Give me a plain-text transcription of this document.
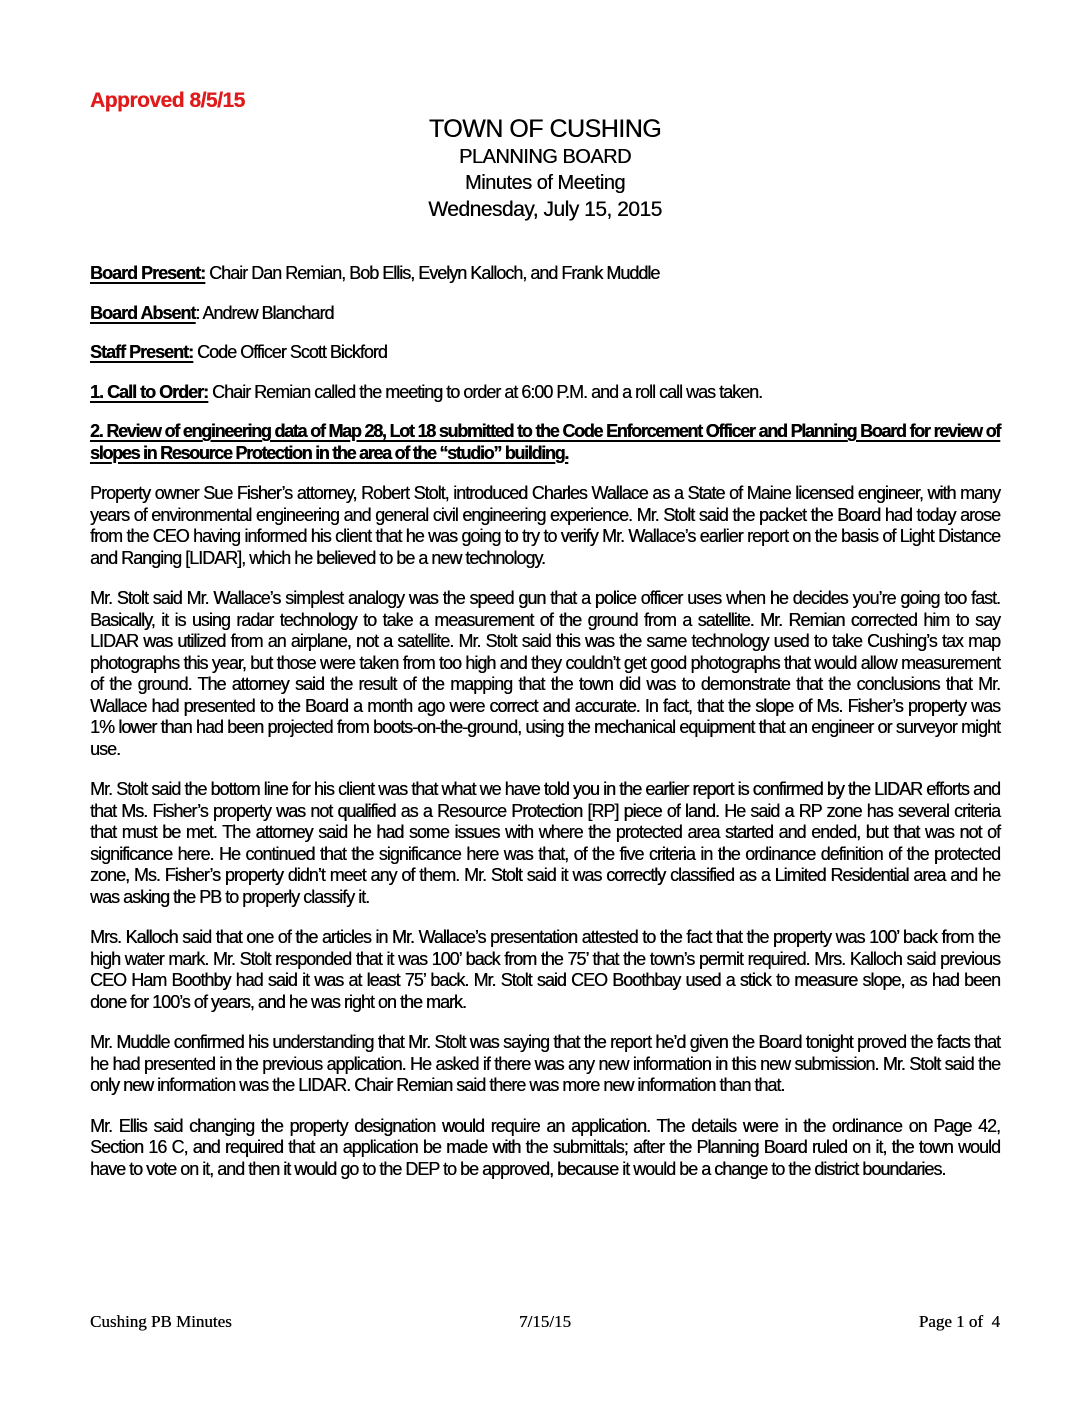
Approved 8/5/15
TOWN OF CUSHING
PLANNING BOARD
Minutes of Meeting
Wednesday, July 15, 2015

Board Present: Chair Dan Remian, Bob Ellis, Evelyn Kalloch, and Frank Muddle

Board Absent: Andrew Blanchard

Staff Present: Code Officer Scott Bickford

1. Call to Order: Chair Remian called the meeting to order at 6:00 P.M. and a roll call was taken.

2. Review of engineering data of Map 28, Lot 18 submitted to the Code Enforcement Officer and Planning Board for review of slopes in Resource Protection in the area of the “studio” building.

Property owner Sue Fisher’s attorney, Robert Stolt, introduced Charles Wallace as a State of Maine licensed engineer, with many years of environmental engineering and general civil engineering experience. Mr. Stolt said the packet the Board had today arose from the CEO having informed his client that he was going to try to verify Mr. Wallace’s earlier report on the basis of Light Distance and Ranging [LIDAR], which he believed to be a new technology.

Mr. Stolt said Mr. Wallace’s simplest analogy was the speed gun that a police officer uses when he decides you’re going too fast. Basically, it is using radar technology to take a measurement of the ground from a satellite. Mr. Remian corrected him to say LIDAR was utilized from an airplane, not a satellite. Mr. Stolt said this was the same technology used to take Cushing’s tax map photographs this year, but those were taken from too high and they couldn’t get good photographs that would allow measurement of the ground. The attorney said the result of the mapping that the town did was to demonstrate that the conclusions that Mr. Wallace had presented to the Board a month ago were correct and accurate. In fact, that the slope of Ms. Fisher’s property was 1% lower than had been projected from boots-on-the-ground, using the mechanical equipment that an engineer or surveyor might use.

Mr. Stolt said the bottom line for his client was that what we have told you in the earlier report is confirmed by the LIDAR efforts and that Ms. Fisher’s property was not qualified as a Resource Protection [RP] piece of land. He said a RP zone has several criteria that must be met. The attorney said he had some issues with where the protected area started and ended, but that was not of significance here. He continued that the significance here was that, of the five criteria in the ordinance definition of the protected zone, Ms. Fisher’s property didn’t meet any of them. Mr. Stolt said it was correctly classified as a Limited Residential area and he was asking the PB to properly classify it.

Mrs. Kalloch said that one of the articles in Mr. Wallace’s presentation attested to the fact that the property was 100’ back from the high water mark. Mr. Stolt responded that it was 100’ back from the 75’ that the town’s permit required. Mrs. Kalloch said previous CEO Ham Boothby had said it was at least 75’ back. Mr. Stolt said CEO Boothbay used a stick to measure slope, as had been done for 100’s of years, and he was right on the mark.

Mr. Muddle confirmed his understanding that Mr. Stolt was saying that the report he’d given the Board tonight proved the facts that he had presented in the previous application. He asked if there was any new information in this new submission. Mr. Stolt said the only new information was the LIDAR. Chair Remian said there was more new information than that.

Mr. Ellis said changing the property designation would require an application. The details were in the ordinance on Page 42, Section 16 C, and required that an application be made with the submittals; after the Planning Board ruled on it, the town would have to vote on it, and then it would go to the DEP to be approved, because it would be a change to the district boundaries.

Cushing PB Minutes	7/15/15	Page 1 of  4
